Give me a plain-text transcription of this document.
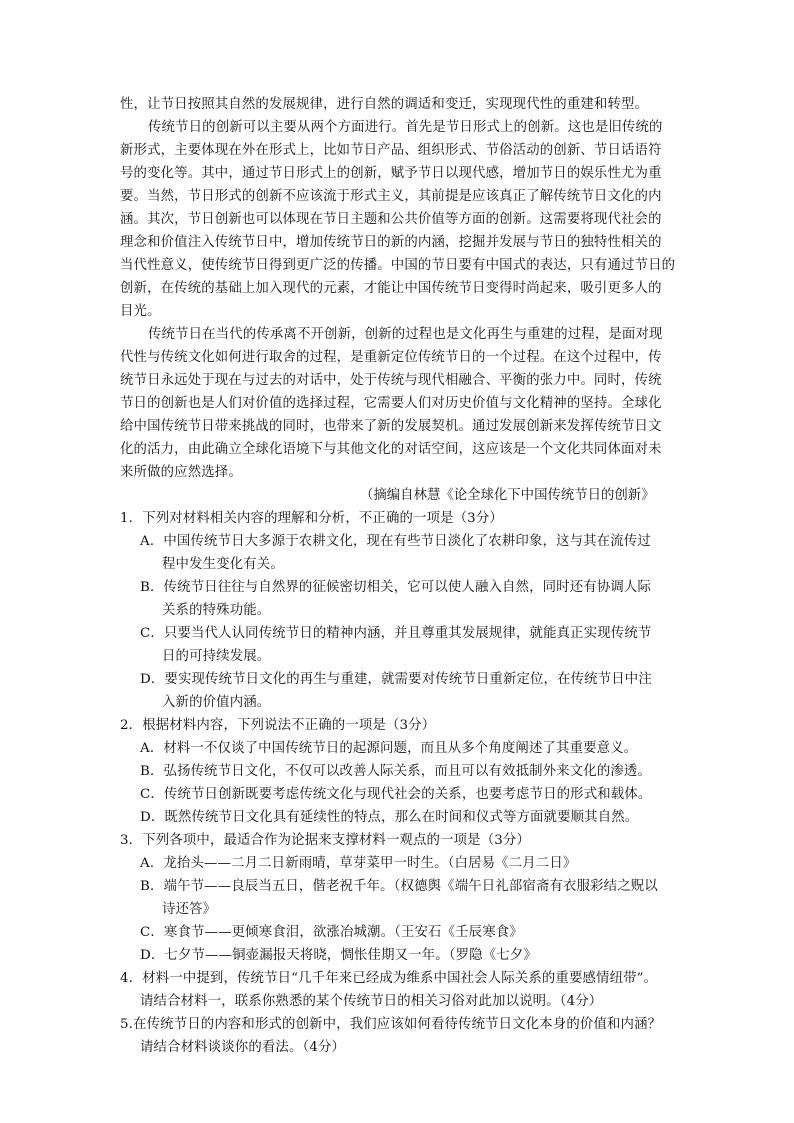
性，让节日按照其自然的发展规律，进行自然的调适和变迁，实现现代性的重建和转型。
传统节日的创新可以主要从两个方面进行。首先是节日形式上的创新。这也是旧传统的
新形式，主要体现在外在形式上，比如节日产品、组织形式、节俗活动的创新、节日话语符
号的变化等。其中，通过节日形式上的创新，赋予节日以现代感，增加节日的娱乐性尤为重
要。当然，节日形式的创新不应该流于形式主义，其前提是应该真正了解传统节日文化的内
涵。其次，节日创新也可以体现在节日主题和公共价值等方面的创新。这需要将现代社会的
理念和价值注入传统节日中，增加传统节日的新的内涵，挖掘并发展与节日的独特性相关的
当代性意义，使传统节日得到更广泛的传播。中国的节日要有中国式的表达，只有通过节日的
创新，在传统的基础上加入现代的元素，才能让中国传统节日变得时尚起来，吸引更多人的
目光。
传统节日在当代的传承离不开创新，创新的过程也是文化再生与重建的过程，是面对现
代性与传统文化如何进行取舍的过程，是重新定位传统节日的一个过程。在这个过程中，传
统节日永远处于现在与过去的对话中，处于传统与现代相融合、平衡的张力中。同时，传统
节日的创新也是人们对价值的选择过程，它需要人们对历史价值与文化精神的坚持。全球化
给中国传统节日带来挑战的同时，也带来了新的发展契机。通过发展创新来发挥传统节日文
化的活力，由此确立全球化语境下与其他文化的对话空间，这应该是一个文化共同体面对未
来所做的应然选择。
（摘编自林慧《论全球化下中国传统节日的创新》
1．下列对材料相关内容的理解和分析，不正确的一项是（3分）
A．中国传统节日大多源于农耕文化，现在有些节日淡化了农耕印象，这与其在流传过
程中发生变化有关。
B．传统节日往往与自然界的征候密切相关，它可以使人融入自然，同时还有协调人际
关系的特殊功能。
C．只要当代人认同传统节日的精神内涵，并且尊重其发展规律，就能真正实现传统节
日的可持续发展。
D．要实现传统节日文化的再生与重建，就需要对传统节日重新定位，在传统节日中注
入新的价值内涵。
2．根据材料内容，下列说法不正确的一项是（3分）
A．材料一不仅谈了中国传统节日的起源问题，而且从多个角度阐述了其重要意义。
B．弘扬传统节日文化，不仅可以改善人际关系，而且可以有效抵制外来文化的渗透。
C．传统节日创新既要考虑传统文化与现代社会的关系，也要考虑节日的形式和载体。
D．既然传统节日文化具有延续性的特点，那么在时间和仪式等方面就要顺其自然。
3．下列各项中，最适合作为论据来支撑材料一观点的一项是（3分）
A．龙抬头——二月二日新雨晴，草芽菜甲一时生。（白居易《二月二日》
B．端午节——良辰当五日，偕老祝千年。（权德舆《端午日礼部宿斋有衣服彩结之贶以
诗还答》
C．寒食节——更倾寒食泪，欲涨冶城潮。（王安石《壬辰寒食》
D．七夕节——铜壶漏报天将晓，惆怅佳期又一年。（罗隐《七夕》
4．材料一中提到，传统节日“几千年来已经成为维系中国社会人际关系的重要感情纽带”。
请结合材料一，联系你熟悉的某个传统节日的相关习俗对此加以说明。（4分）
5.在传统节日的内容和形式的创新中，我们应该如何看待传统节日文化本身的价值和内涵？
请结合材料谈谈你的看法。（4分）
